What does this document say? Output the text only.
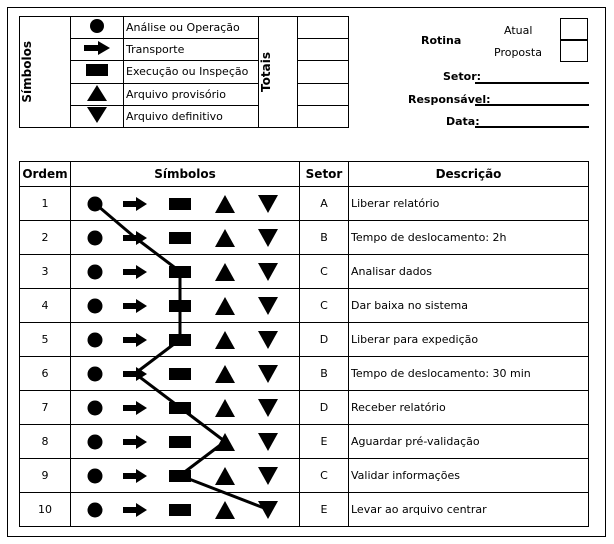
Símbolos		Análise ou Operação	Totais	

	Transporte		
	Execução ou Inspeção		
	Arquivo provisório		
	Arquivo definitivo		
Rotina
Atual
Proposta
Setor:
Responsável:
Data:
Ordem	Símbolos	Setor	Descrição
1		A	Liberar relatório
2		B	Tempo de deslocamento: 2h
3		C	Analisar dados
4		C	Dar baixa no sistema
5		D	Liberar para expedição
6		B	Tempo de deslocamento: 30 min
7		D	Receber relatório
8		E	Aguardar pré-validação
9		C	Validar informações
10		E	Levar ao arquivo centrar
